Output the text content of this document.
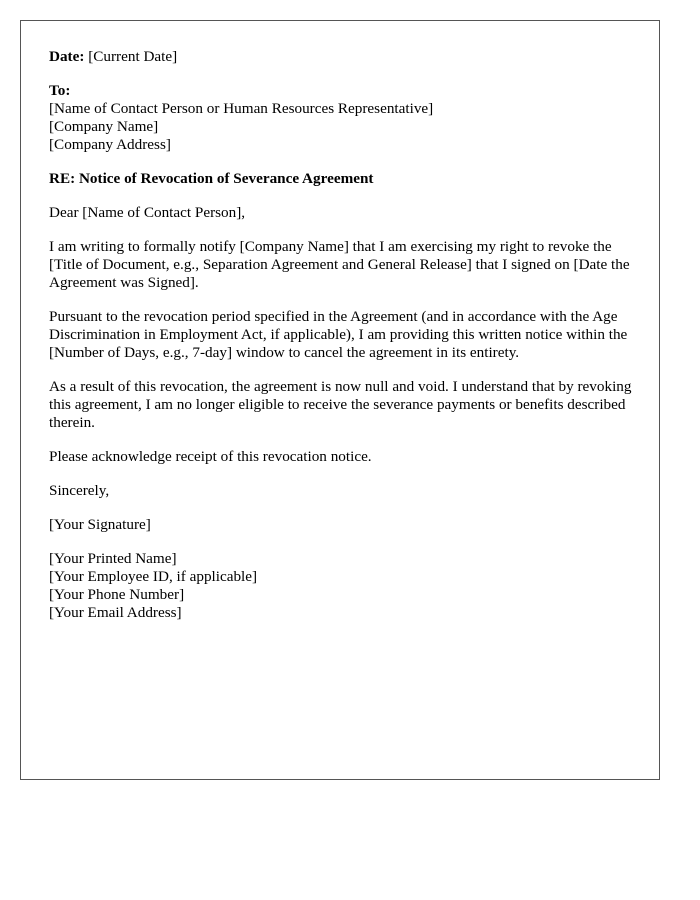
Date: [Current Date]
To:
[Name of Contact Person or Human Resources Representative]
[Company Name]
[Company Address]
RE: Notice of Revocation of Severance Agreement
Dear [Name of Contact Person],

I am writing to formally notify [Company Name] that I am exercising my right to revoke the [Title of Document, e.g., Separation Agreement and General Release] that I signed on [Date the Agreement was Signed].

Pursuant to the revocation period specified in the Agreement (and in accordance with the Age Discrimination in Employment Act, if applicable), I am providing this written notice within the [Number of Days, e.g., 7-day] window to cancel the agreement in its entirety.

As a result of this revocation, the agreement is now null and void. I understand that by revoking this agreement, I am no longer eligible to receive the severance payments or benefits described therein.

Please acknowledge receipt of this revocation notice.

Sincerely,
[Your Signature]
[Your Printed Name]
[Your Employee ID, if applicable]
[Your Phone Number]
[Your Email Address]
